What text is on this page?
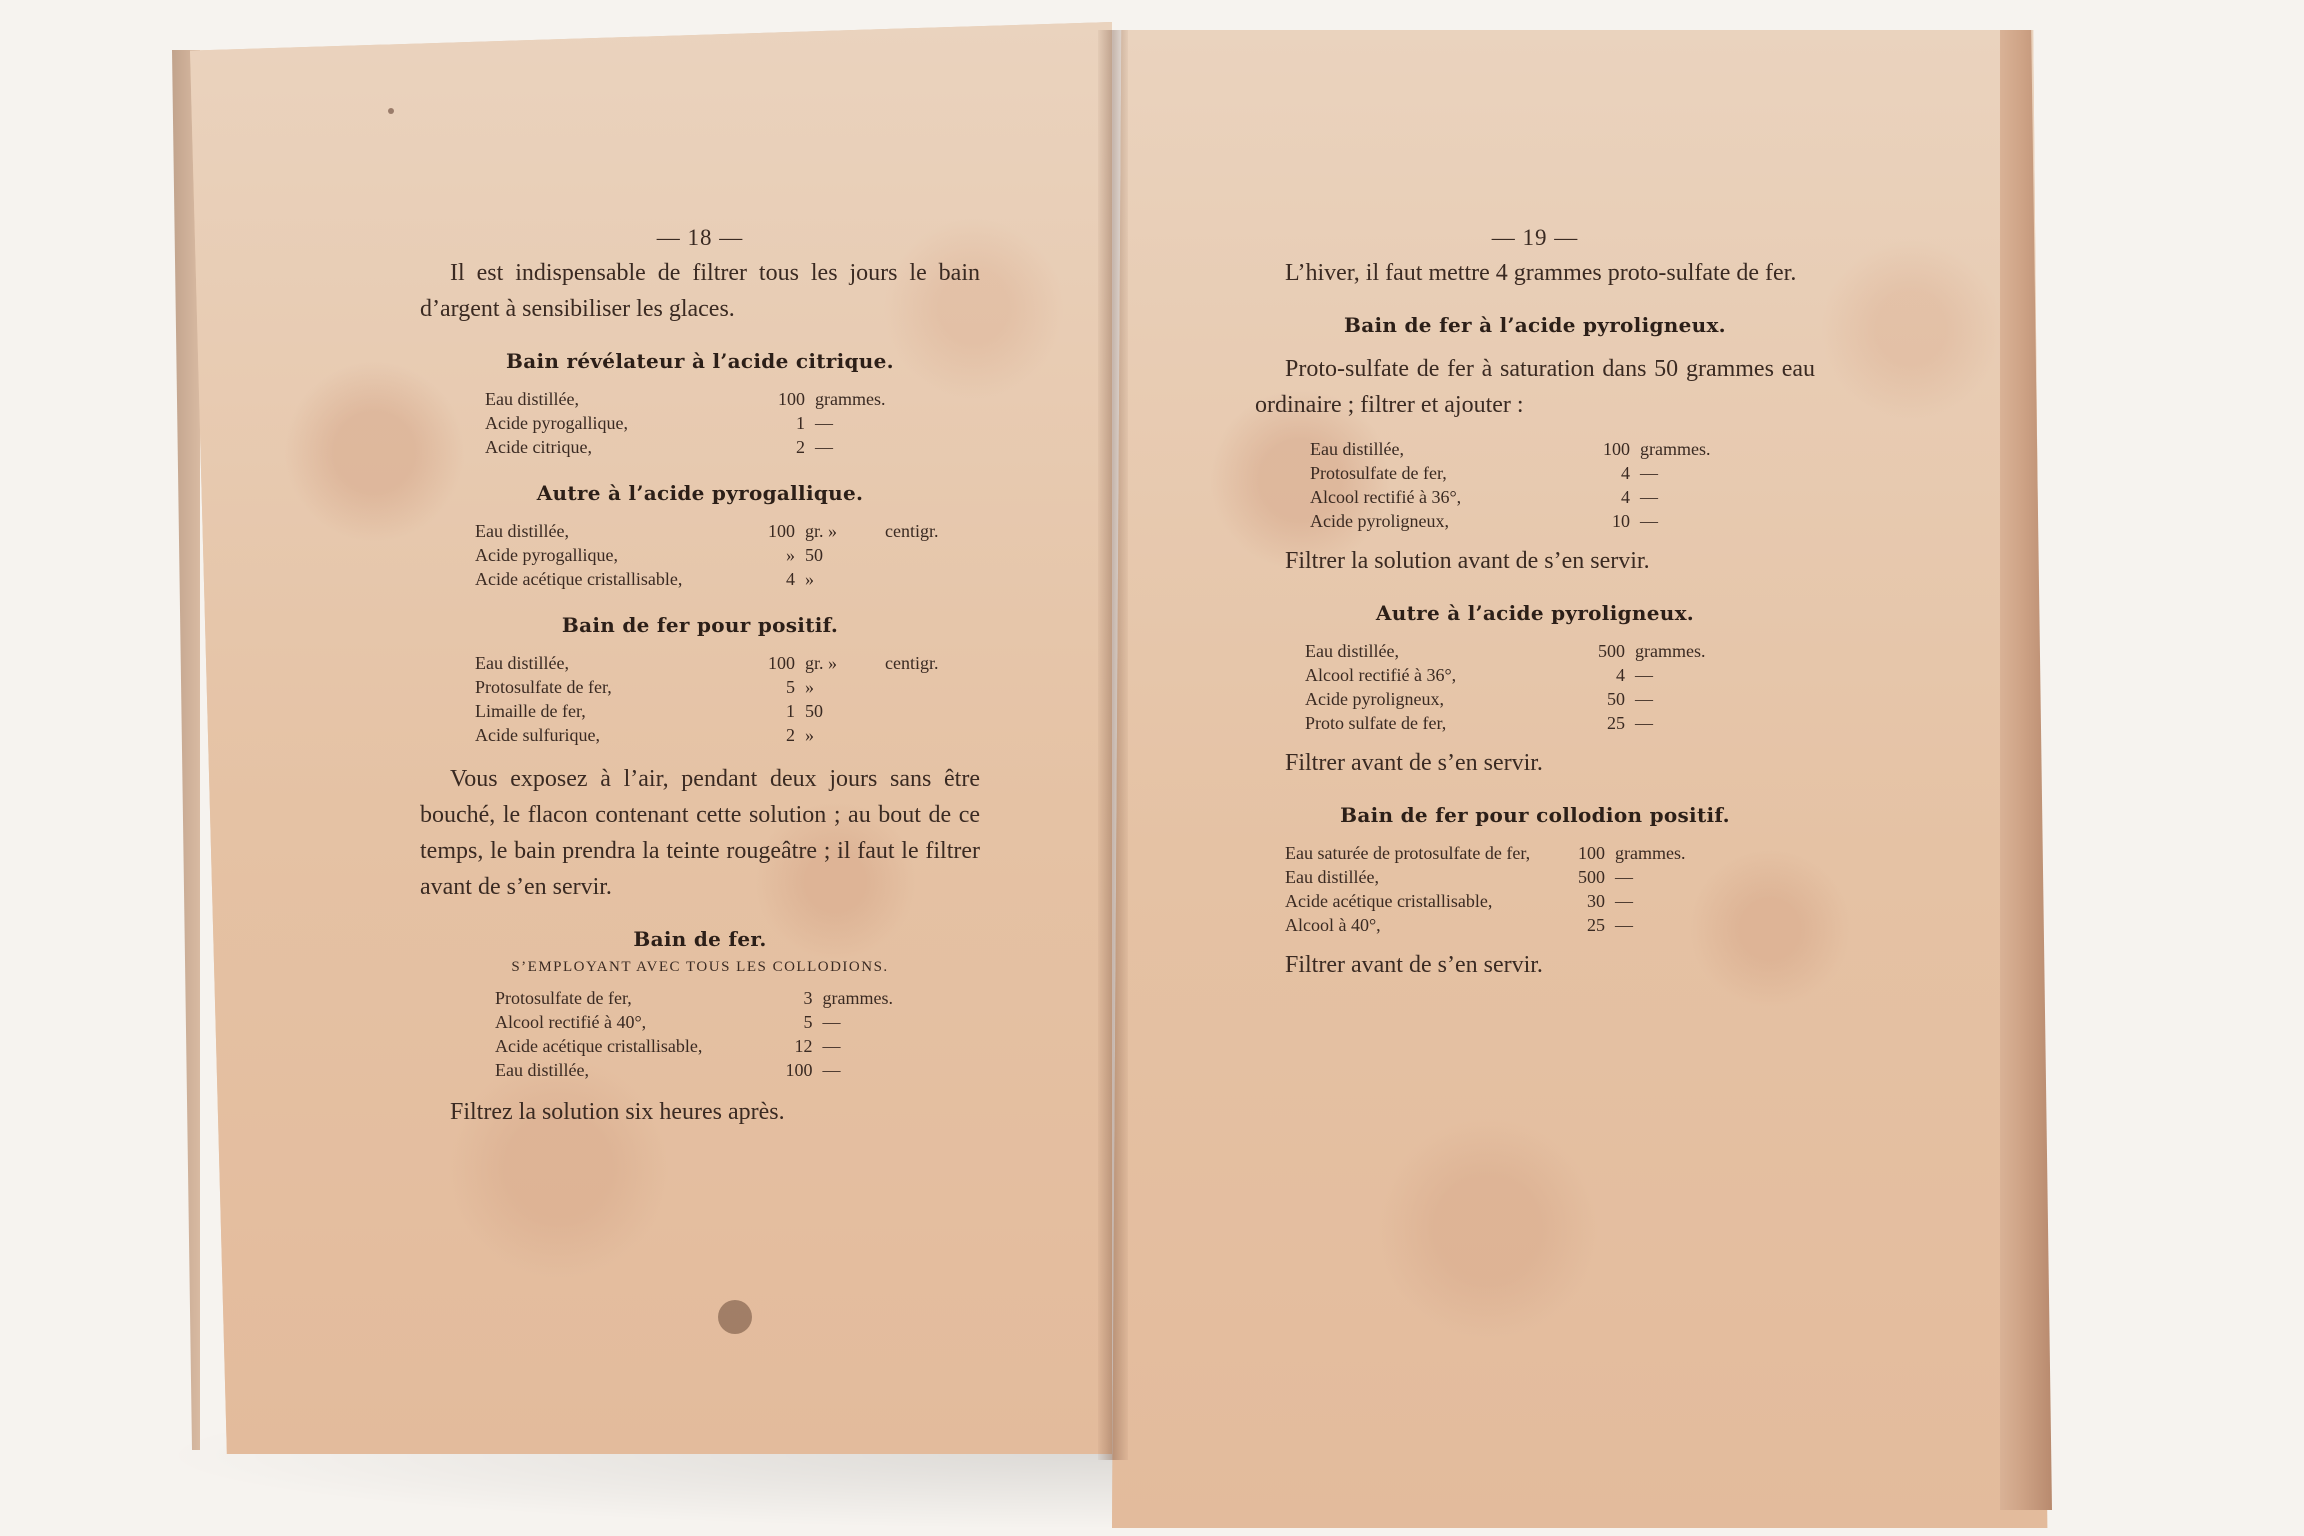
— 18 —

Il est indispensable de filtrer tous les jours le bain d’argent à sensibiliser les glaces.

Bain révélateur à l’acide citrique.
Eau distillée,	100	grammes.	
Acide pyrogallique,	1	—	
Acide citrique,	2	—	
Autre à l’acide pyrogallique.
Eau distillée,	100	gr. »	centigr.
Acide pyrogallique,	»	50	
Acide acétique cristallisable,	4	»	
Bain de fer pour positif.
Eau distillée,	100	gr. »	centigr.
Protosulfate de fer,	5	»	
Limaille de fer,	1	50	
Acide sulfurique,	2	»	

Vous exposez à l’air, pendant deux jours sans être bouché, le flacon contenant cette solution ; au bout de ce temps, le bain prendra la teinte rougeâtre ; il faut le filtrer avant de s’en servir.

Bain de fer.
S’EMPLOYANT AVEC TOUS LES COLLODIONS.
Protosulfate de fer,	3	grammes.	
Alcool rectifié à 40°,	5	—	
Acide acétique cristallisable,	12	—	
Eau distillée,	100	—	

Filtrez la solution six heures après.

— 19 —

L’hiver, il faut mettre 4 grammes proto-sulfate de fer.

Bain de fer à l’acide pyroligneux.

Proto-sulfate de fer à saturation dans 50 grammes eau ordinaire ; filtrer et ajouter :

Eau distillée,	100	grammes.	
Protosulfate de fer,	4	—	
Alcool rectifié à 36°,	4	—	
Acide pyroligneux,	10	—	

Filtrer la solution avant de s’en servir.

Autre à l’acide pyroligneux.
Eau distillée,	500	grammes.	
Alcool rectifié à 36°,	4	—	
Acide pyroligneux,	50	—	
Proto sulfate de fer,	25	—	

Filtrer avant de s’en servir.

Bain de fer pour collodion positif.
Eau saturée de protosulfate de fer,	100	grammes.	
Eau distillée,	500	—	
Acide acétique cristallisable,	30	—	
Alcool à 40°,	25	—	

Filtrer avant de s’en servir.
